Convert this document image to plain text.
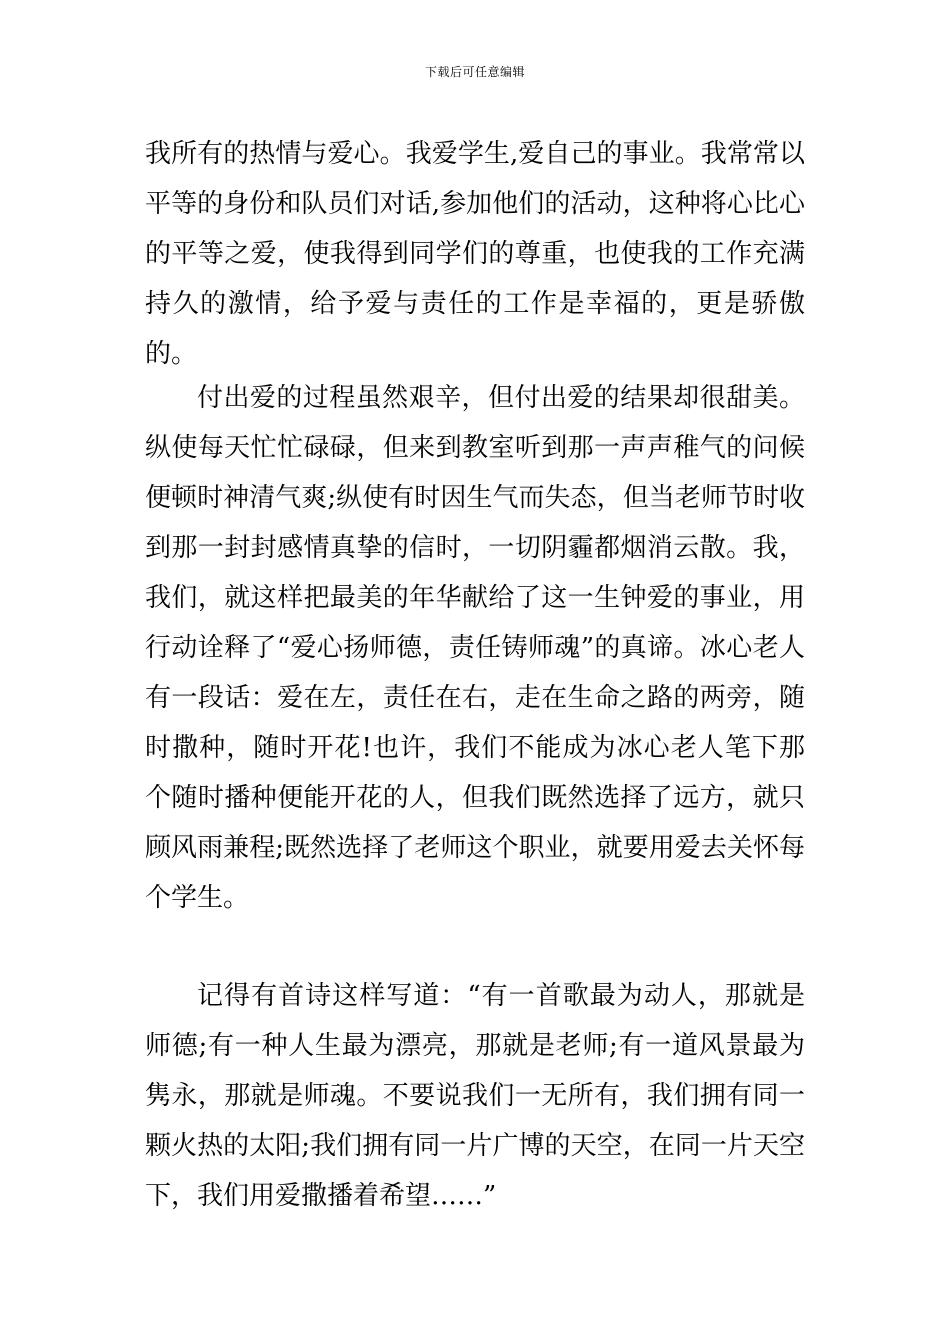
下载后可任意编辑
我所有的热情与爱心。我爱学生,爱自己的事业。我常常以平等的身份和队员们对话,参加他们的活动，这种将心比心的平等之爱，使我得到同学们的尊重，也使我的工作充满持久的激情，给予爱与责任的工作是幸福的，更是骄傲的。
付出爱的过程虽然艰辛，但付出爱的结果却很甜美。纵使每天忙忙碌碌，但来到教室听到那一声声稚气的问候便顿时神清气爽;纵使有时因生气而失态，但当老师节时收到那一封封感情真挚的信时，一切阴霾都烟消云散。我，我们，就这样把最美的年华献给了这一生钟爱的事业，用行动诠释了“爱心扬师德，责任铸师魂”的真谛。冰心老人有一段话：爱在左，责任在右，走在生命之路的两旁，随时撒种，随时开花!也许，我们不能成为冰心老人笔下那个随时播种便能开花的人，但我们既然选择了远方，就只顾风雨兼程;既然选择了老师这个职业，就要用爱去关怀每个学生。
记得有首诗这样写道：“有一首歌最为动人，那就是师德;有一种人生最为漂亮，那就是老师;有一道风景最为隽永，那就是师魂。不要说我们一无所有，我们拥有同一颗火热的太阳;我们拥有同一片广博的天空，在同一片天空下，我们用爱撒播着希望……”
